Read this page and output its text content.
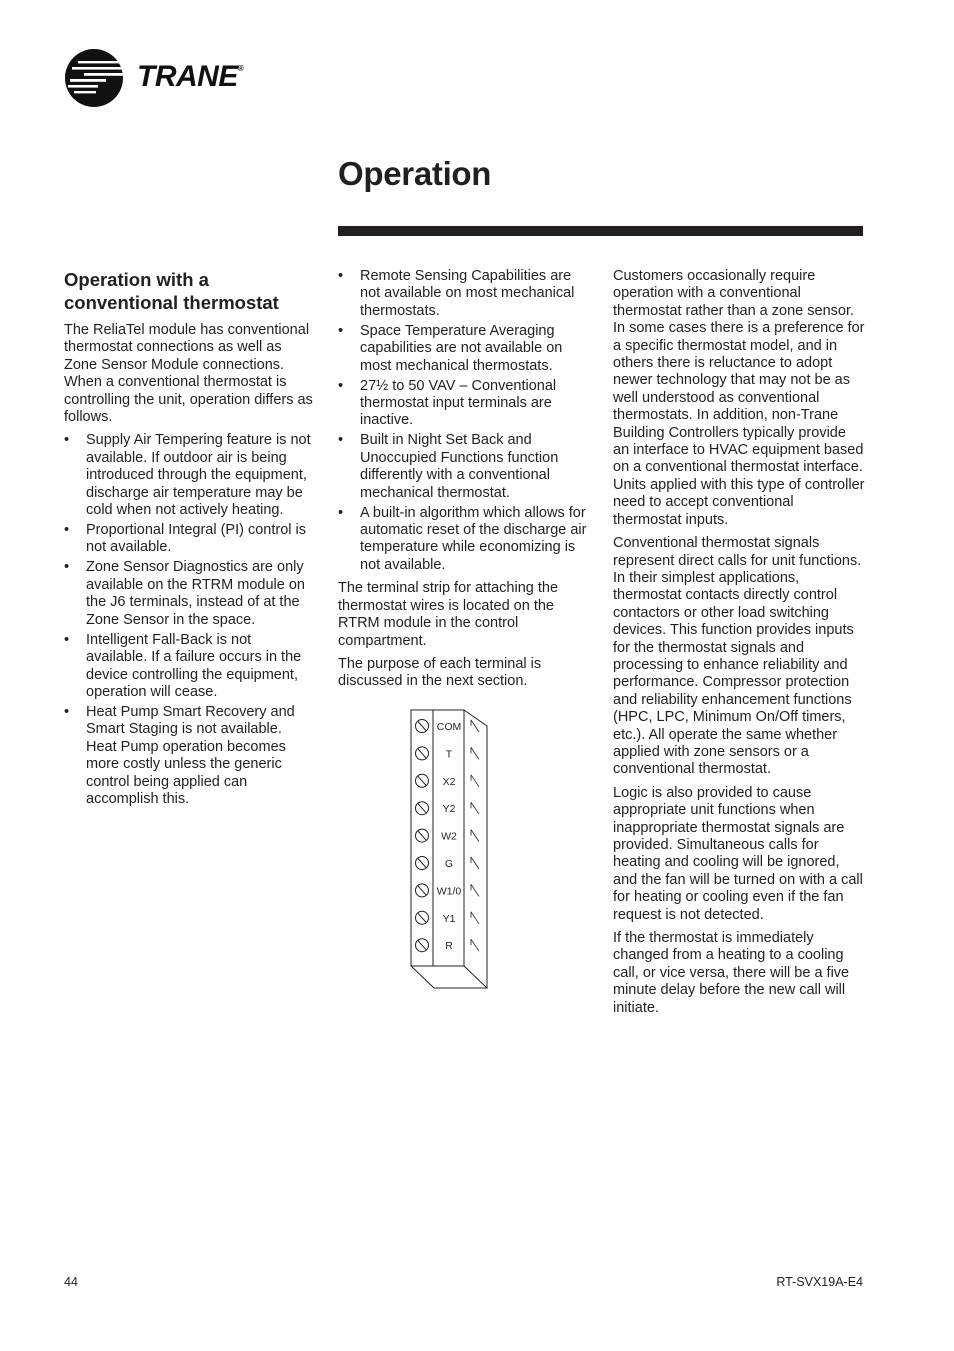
TRANE®
Operation
Operation with a conventional thermostat

The ReliaTel module has conventional thermostat connections as well as Zone Sensor Module connections. When a conventional thermostat is controlling the unit, operation differs as follows.

• Supply Air Tempering feature is not available. If outdoor air is being introduced through the equipment, discharge air temperature may be cold when not actively heating.
• Proportional Integral (PI) control is not available.
• Zone Sensor Diagnostics are only available on the RTRM module on the J6 terminals, instead of at the Zone Sensor in the space.
• Intelligent Fall-Back is not available. If a failure occurs in the device controlling the equipment, operation will cease.
• Heat Pump Smart Recovery and Smart Staging is not available. Heat Pump operation becomes more costly unless the generic control being applied can accomplish this.
• Remote Sensing Capabilities are not available on most mechanical thermostats.
• Space Temperature Averaging capabilities are not available on most mechanical thermostats.
• 27½ to 50 VAV – Conventional thermostat input terminals are inactive.
• Built in Night Set Back and Unoccupied Functions function differently with a conventional mechanical thermostat.
• A built-in algorithm which allows for automatic reset of the discharge air temperature while economizing is not available.

The terminal strip for attaching the thermostat wires is located on the RTRM module in the control compartment.

The purpose of each terminal is discussed in the next section.

COM
T
X2
Y2
W2
G
W1/0
Y1
R

Customers occasionally require operation with a conventional thermostat rather than a zone sensor. In some cases there is a preference for a specific thermostat model, and in others there is reluctance to adopt newer technology that may not be as well understood as conventional thermostats. In addition, non-Trane Building Controllers typically provide an interface to HVAC equipment based on a conventional thermostat interface. Units applied with this type of controller need to accept conventional thermostat inputs.

Conventional thermostat signals represent direct calls for unit functions. In their simplest applications, thermostat contacts directly control contactors or other load switching devices. This function provides inputs for the thermostat signals and processing to enhance reliability and performance. Compressor protection and reliability enhancement functions (HPC, LPC, Minimum On/Off timers, etc.). All operate the same whether applied with zone sensors or a conventional thermostat.

Logic is also provided to cause appropriate unit functions when inappropriate thermostat signals are provided. Simultaneous calls for heating and cooling will be ignored, and the fan will be turned on with a call for heating or cooling even if the fan request is not detected.

If the thermostat is immediately changed from a heating to a cooling call, or vice versa, there will be a five minute delay before the new call will initiate.

44	RT-SVX19A-E4
